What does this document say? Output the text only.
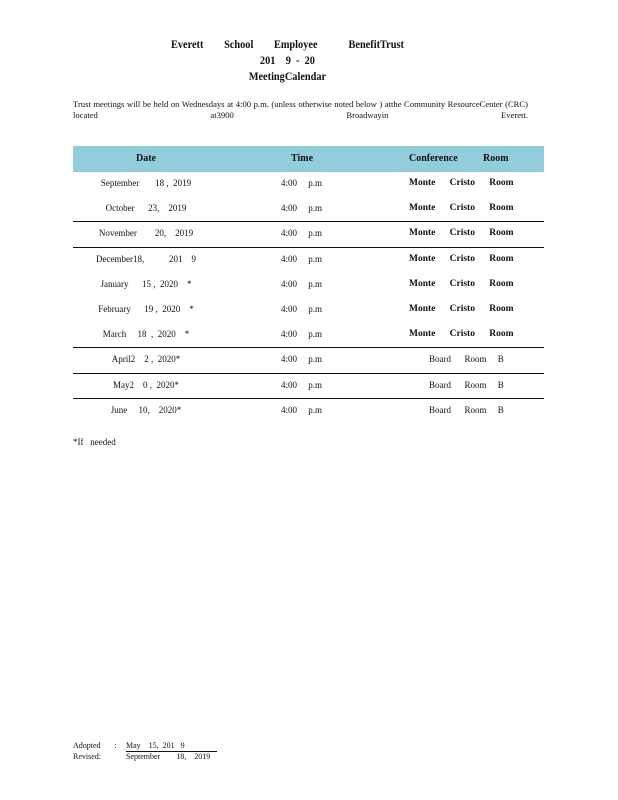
Everett        School        Employee            BenefitTrust
201    9  -  20
MeetingCalendar

Trust meetings will be held on Wednesdays at 4:00 p.m. (unless otherwise noted below ) atthe Community ResourceCenter (CRC) located at3900 Broadwayin Everett.

Date	Time	Conference	Room
September       18 ,  2019	4:00     p.m	Monte      Cristo      Room
October      23,    2019	4:00     p.m	Monte      Cristo      Room
November        20,    2019	4:00     p.m	Monte      Cristo      Room
December18,           201    9	4:00     p.m	Monte      Cristo      Room
January      15 ,  2020    *	4:00     p.m	Monte      Cristo      Room
February      19 ,  2020    *	4:00     p.m	Monte      Cristo      Room
March     18  ,  2020    *	4:00     p.m	Monte      Cristo      Room
April2    2 ,  2020*	4:00     p.m	Board      Room     B
May2    0 ,  2020*	4:00     p.m	Board      Room     B
June     10,    2020*	4:00     p.m	Board      Room     B
*If   needed
Adopted       : May    15,  201   9
Revised:	September        18,    2019
